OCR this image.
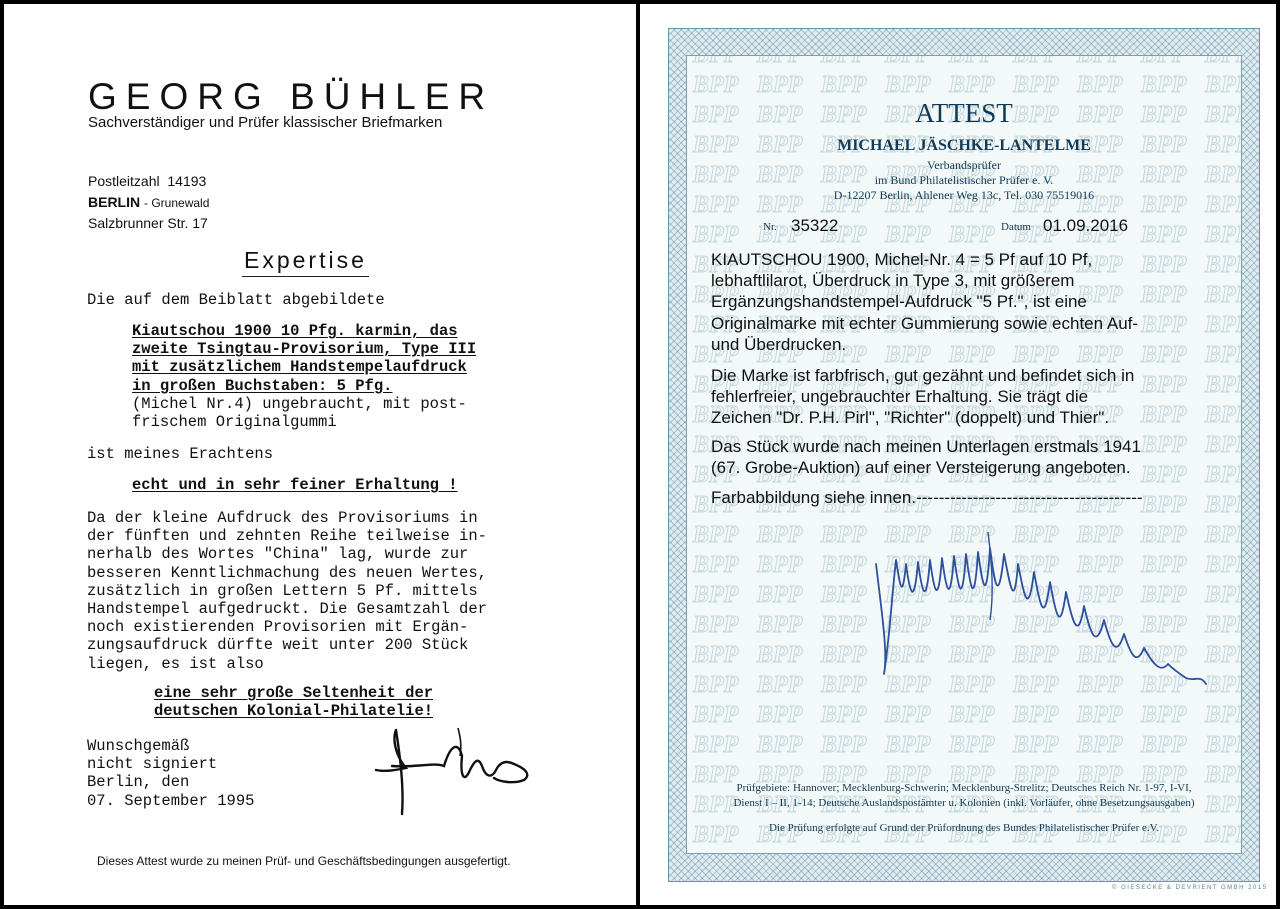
GEORG BÜHLER
Sachverständiger und Prüfer klassischer Briefmarken
Postleitzahl 14193
BERLIN - Grunewald
Salzbrunner Str. 17
Expertise
Die auf dem Beiblatt abgebildete
Kiautschou 1900 10 Pfg. karmin, das
zweite Tsingtau-Provisorium, Type III
mit zusätzlichem Handstempelaufdruck
in großen Buchstaben: 5 Pfg.
(Michel Nr.4) ungebraucht, mit post-
frischem Originalgummi
ist meines Erachtens
echt und in sehr feiner Erhaltung !
Da der kleine Aufdruck des Provisoriums in
der fünften und zehnten Reihe teilweise in-
nerhalb des Wortes "China" lag, wurde zur
besseren Kenntlichmachung des neuen Wertes,
zusätzlich in großen Lettern 5 Pf. mittels
Handstempel aufgedruckt. Die Gesamtzahl der
noch existierenden Provisorien mit Ergän-
zungsaufdruck dürfte weit unter 200 Stück
liegen, es ist also
eine sehr große Seltenheit der
deutschen Kolonial-Philatelie!
Wunschgemäß
nicht signiert
Berlin, den
07. September 1995
Dieses Attest wurde zu meinen Prüf- und Geschäftsbedingungen ausgefertigt.
ATTEST
MICHAEL JÄSCHKE-LANTELME
Verbandsprüfer
im Bund Philatelistischer Prüfer e. V.
D-12207 Berlin, Ahlener Weg 13c, Tel. 030 75519016
Nr. 35322	Datum 01.09.2016
KIAUTSCHOU 1900, Michel-Nr. 4 = 5 Pf auf 10 Pf,
lebhaftlilarot, Überdruck in Type 3, mit größerem
Ergänzungshandstempel-Aufdruck "5 Pf.", ist eine
Originalmarke mit echter Gummierung sowie echten Auf-
und Überdrucken.
Die Marke ist farbfrisch, gut gezähnt und befindet sich in
fehlerfreier, ungebrauchter Erhaltung. Sie trägt die
Zeichen "Dr. P.H. Pirl", "Richter" (doppelt) und Thier".
Das Stück wurde nach meinen Unterlagen erstmals 1941
(67. Grobe-Auktion) auf einer Versteigerung angeboten.
Farbabbildung siehe innen.----------------------------------------
Prüfgebiete: Hannover; Mecklenburg-Schwerin; Mecklenburg-Strelitz; Deutsches Reich Nr. 1-97, I-VI,
Dienst I – II, 1-14; Deutsche Auslandspostämter u. Kolonien (inkl. Vorläufer, ohne Besetzungsausgaben)
Die Prüfung erfolgte auf Grund der Prüfordnung des Bundes Philatelistischer Prüfer e.V.
© GIESECKE & DEVRIENT GMBH 2015
